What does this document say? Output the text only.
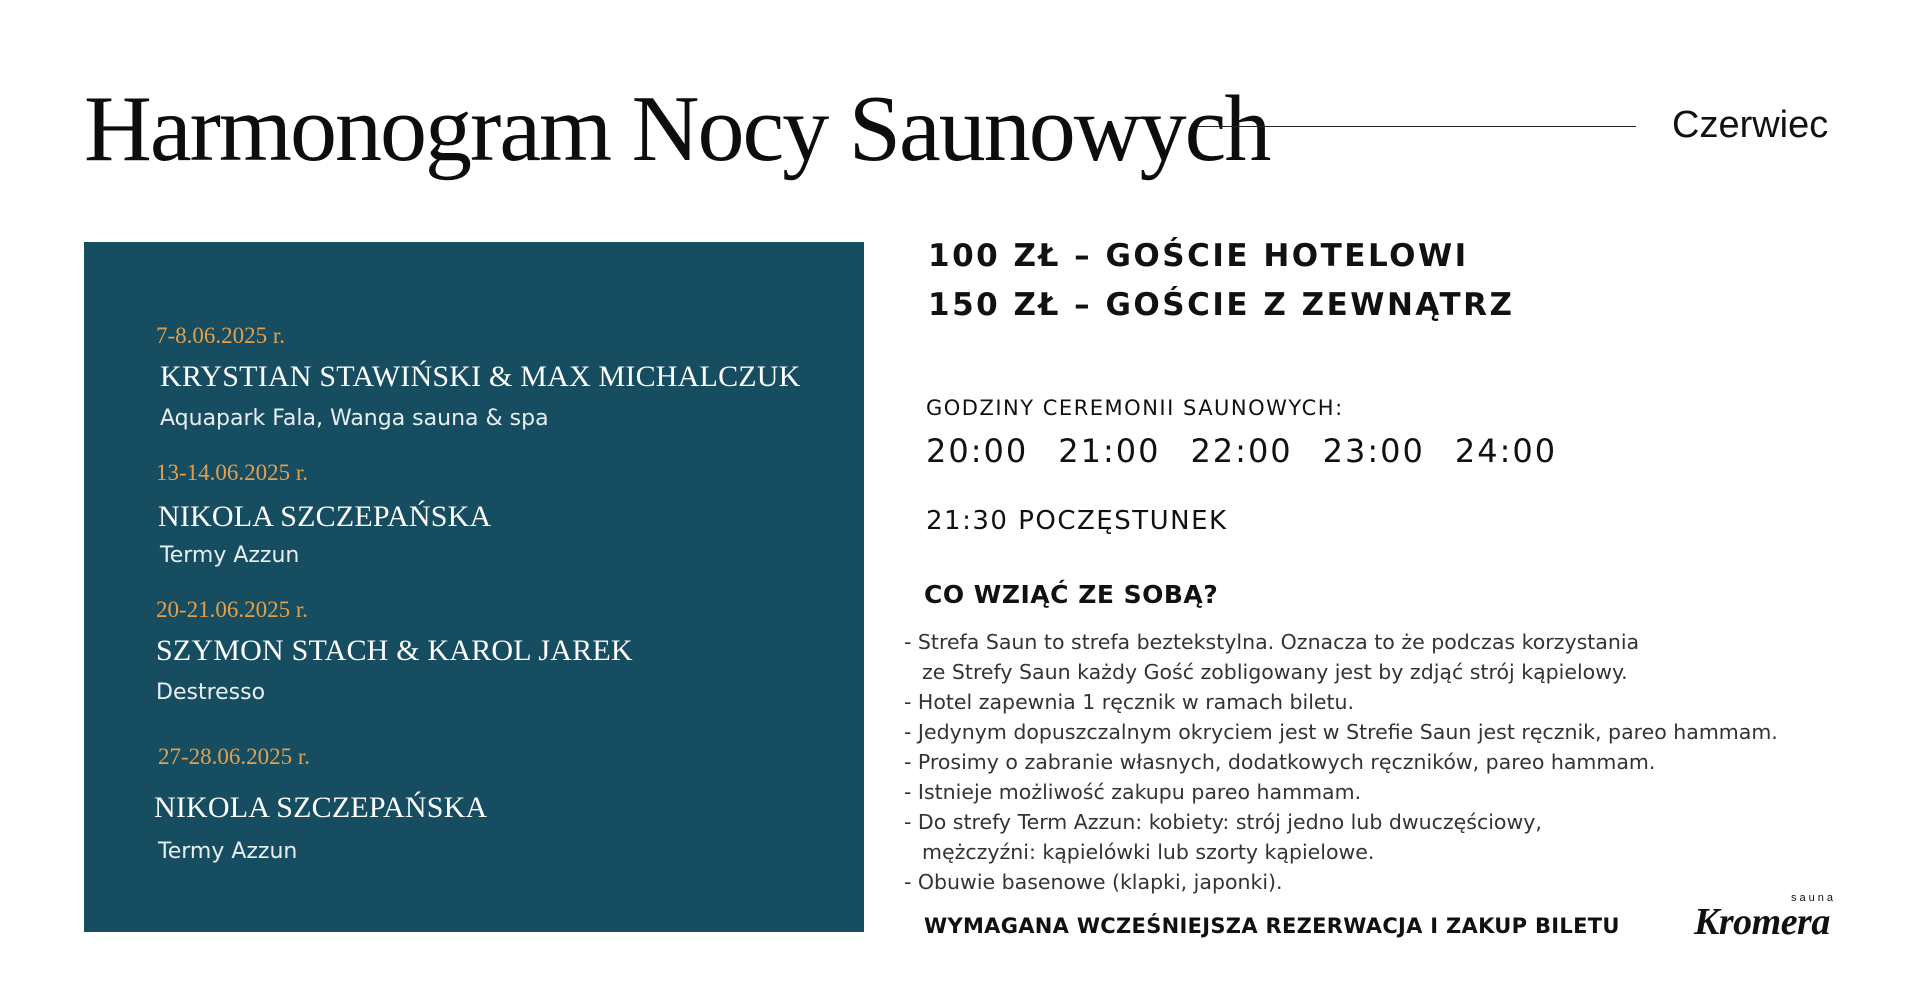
Harmonogram Nocy Saunowych	Czerwiec
7-8.06.2025 r.
KRYSTIAN STAWIŃSKI & MAX MICHALCZUK
Aquapark Fala, Wanga sauna & spa
13-14.06.2025 r.
NIKOLA SZCZEPAŃSKA
Termy Azzun
20-21.06.2025 r.
SZYMON STACH & KAROL JAREK
Destresso
27-28.06.2025 r.
NIKOLA SZCZEPAŃSKA
Termy Azzun
100 ZŁ – GOŚCIE HOTELOWI
150 ZŁ – GOŚCIE Z ZEWNĄTRZ
GODZINY CEREMONII SAUNOWYCH:
20:00 21:00 22:00 23:00 24:00
21:30 POCZĘSTUNEK
CO WZIĄĆ ZE SOBĄ?
- Strefa Saun to strefa beztekstylna. Oznacza to że podczas korzystania
ze Strefy Saun każdy Gość zobligowany jest by zdjąć strój kąpielowy.
- Hotel zapewnia 1 ręcznik w ramach biletu.
- Jedynym dopuszczalnym okryciem jest w Strefie Saun jest ręcznik, pareo hammam.
- Prosimy o zabranie własnych, dodatkowych ręczników, pareo hammam.
- Istnieje możliwość zakupu pareo hammam.
- Do strefy Term Azzun: kobiety: strój jedno lub dwuczęściowy,
mężczyźni: kąpielówki lub szorty kąpielowe.
- Obuwie basenowe (klapki, japonki).
WYMAGANA WCZEŚNIEJSZA REZERWACJA I ZAKUP BILETU
sauna
Kromera
